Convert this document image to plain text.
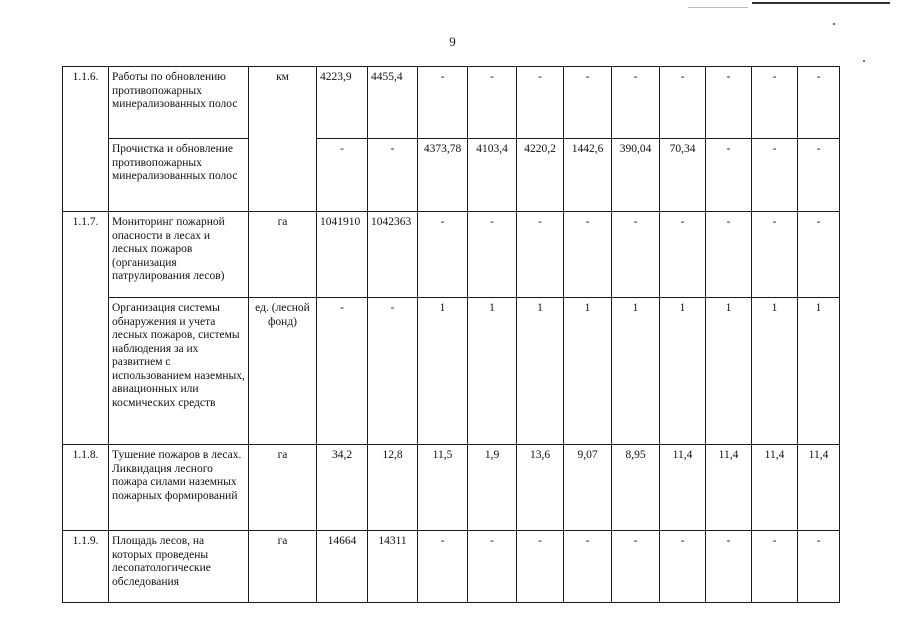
9
1.1.6.	Работы по обновлению противопожарных минерализованных полос	км	4223,9	4455,4	-	-	-	-	-	-	-	-	-
	Прочистка и обновление противопожарных минерализованных полос		-	-	4373,78	4103,4	4220,2	1442,6	390,04	70,34	-	-	-
1.1.7.	Мониторинг пожарной опасности в лесах и лесных пожаров (организация патрулирования лесов)	га	1041910	1042363	-	-	-	-	-	-	-	-	-
	Организация системы обнаружения и учета лесных пожаров, системы наблюдения за их развитием с использованием наземных, авиационных или космических средств	ед. (лесной фонд)	-	-	1	1	1	1	1	1	1	1	1
1.1.8.	Тушение пожаров в лесах. Ликвидация лесного пожара силами наземных пожарных формирований	га	34,2	12,8	11,5	1,9	13,6	9,07	8,95	11,4	11,4	11,4	11,4
1.1.9.	Площадь лесов, на которых проведены лесопатологические обследования	га	14664	14311	-	-	-	-	-	-	-	-	-
